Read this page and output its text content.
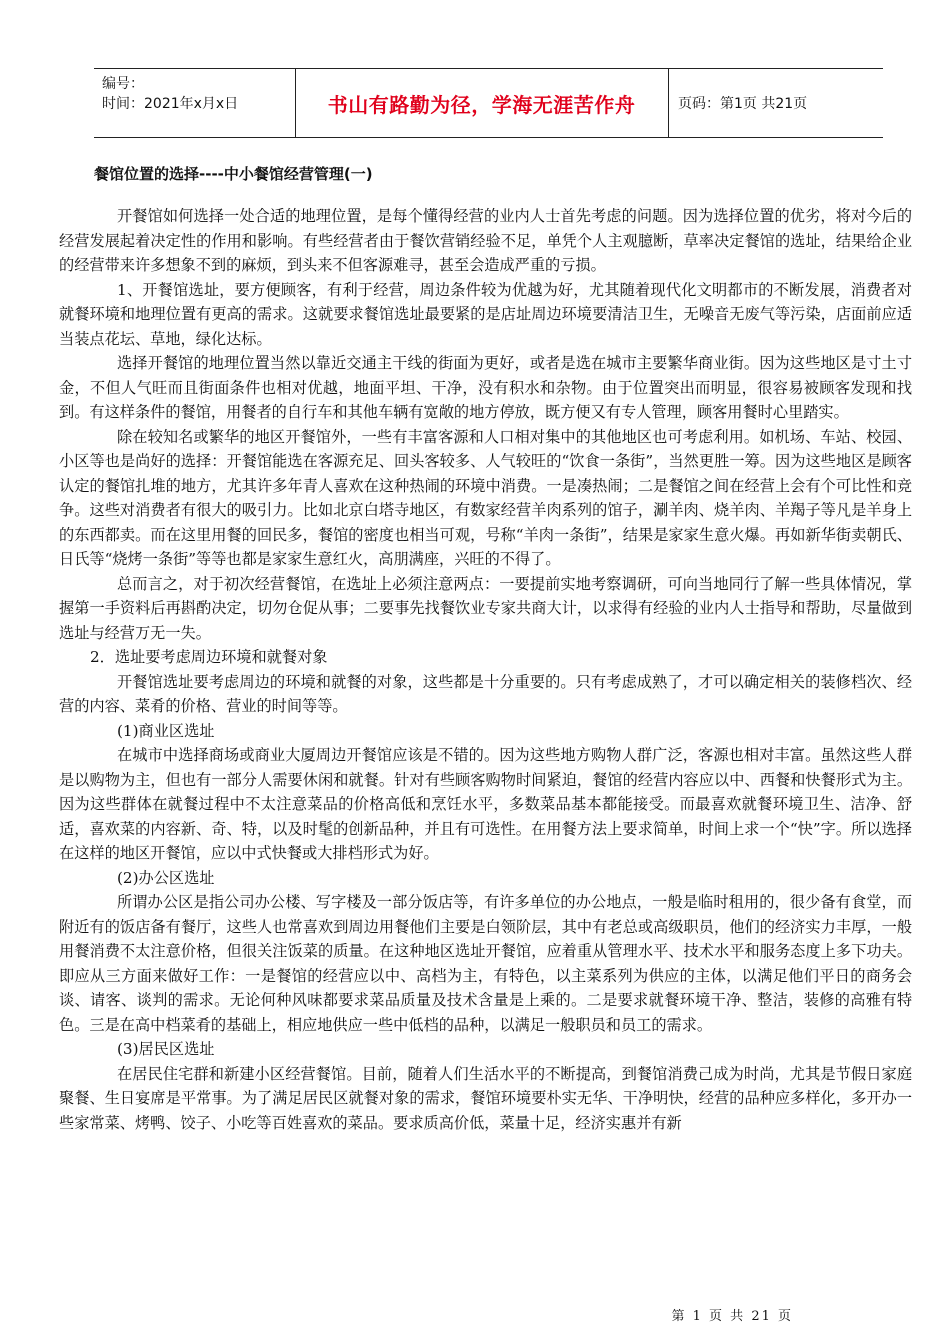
编号：
时间：2021年x月x日	书山有路勤为径，学海无涯苦作舟	页码：第1页 共21页
餐馆位置的选择----中小餐馆经营管理(一)

开餐馆如何选择一处合适的地理位置，是每个懂得经营的业内人士首先考虑的问题。因为选择位置的优劣，将对今后的经营发展起着决定性的作用和影响。有些经营者由于餐饮营销经验不足，单凭个人主观臆断，草率决定餐馆的选址，结果给企业的经营带来许多想象不到的麻烦，到头来不但客源难寻，甚至会造成严重的亏损。

1、开餐馆选址，要方便顾客，有利于经营，周边条件较为优越为好，尤其随着现代化文明都市的不断发展，消费者对就餐环境和地理位置有更高的需求。这就要求餐馆选址最要紧的是店址周边环境要清洁卫生，无噪音无废气等污染，店面前应适当装点花坛、草地，绿化达标。

选择开餐馆的地理位置当然以靠近交通主干线的街面为更好，或者是选在城市主要繁华商业街。因为这些地区是寸土寸金，不但人气旺而且街面条件也相对优越，地面平坦、干净，没有积水和杂物。由于位置突出而明显，很容易被顾客发现和找到。有这样条件的餐馆，用餐者的自行车和其他车辆有宽敞的地方停放，既方便又有专人管理，顾客用餐时心里踏实。

除在较知名或繁华的地区开餐馆外，一些有丰富客源和人口相对集中的其他地区也可考虑利用。如机场、车站、校园、小区等也是尚好的选择：开餐馆能选在客源充足、回头客较多、人气较旺的“饮食一条街”，当然更胜一筹。因为这些地区是顾客认定的餐馆扎堆的地方，尤其许多年青人喜欢在这种热闹的环境中消费。一是凑热闹；二是餐馆之间在经营上会有个可比性和竞争。这些对消费者有很大的吸引力。比如北京白塔寺地区，有数家经营羊肉系列的馆子，涮羊肉、烧羊肉、羊羯子等凡是羊身上的东西都卖。而在这里用餐的回民多，餐馆的密度也相当可观，号称“羊肉一条街”，结果是家家生意火爆。再如新华街卖朝氏、日氏等“烧烤一条街”等等也都是家家生意红火，高朋满座，兴旺的不得了。

总而言之，对于初次经营餐馆，在选址上必须注意两点：一要提前实地考察调研，可向当地同行了解一些具体情况，掌握第一手资料后再斟酌决定，切勿仓促从事；二要事先找餐饮业专家共商大计，以求得有经验的业内人士指导和帮助，尽量做到选址与经营万无一失。

2．选址要考虑周边环境和就餐对象

开餐馆选址要考虑周边的环境和就餐的对象，这些都是十分重要的。只有考虑成熟了，才可以确定相关的装修档次、经营的内容、菜肴的价格、营业的时间等等。

(1)商业区选址

在城市中选择商场或商业大厦周边开餐馆应该是不错的。因为这些地方购物人群广泛，客源也相对丰富。虽然这些人群是以购物为主，但也有一部分人需要休闲和就餐。针对有些顾客购物时间紧迫，餐馆的经营内容应以中、西餐和快餐形式为主。因为这些群体在就餐过程中不太注意菜品的价格高低和烹饪水平，多数菜品基本都能接受。而最喜欢就餐环境卫生、洁净、舒适，喜欢菜的内容新、奇、特，以及时髦的创新品种，并且有可选性。在用餐方法上要求简单，时间上求一个“快”字。所以选择在这样的地区开餐馆，应以中式快餐或大排档形式为好。

(2)办公区选址

所谓办公区是指公司办公楼、写字楼及一部分饭店等，有许多单位的办公地点，一般是临时租用的，很少备有食堂，而附近有的饭店备有餐厅，这些人也常喜欢到周边用餐他们主要是白领阶层，其中有老总或高级职员，他们的经济实力丰厚，一般用餐消费不太注意价格，但很关注饭菜的质量。在这种地区选址开餐馆，应着重从管理水平、技术水平和服务态度上多下功夫。即应从三方面来做好工作：一是餐馆的经营应以中、高档为主，有特色，以主菜系列为供应的主体，以满足他们平日的商务会谈、请客、谈判的需求。无论何种风味都要求菜品质量及技术含量是上乘的。二是要求就餐环境干净、整洁，装修的高雅有特色。三是在高中档菜肴的基础上，相应地供应一些中低档的品种，以满足一般职员和员工的需求。

(3)居民区选址

在居民住宅群和新建小区经营餐馆。目前，随着人们生活水平的不断提高，到餐馆消费己成为时尚，尤其是节假日家庭聚餐、生日宴席是平常事。为了满足居民区就餐对象的需求，餐馆环境要朴实无华、干净明快，经营的品种应多样化，多开办一些家常菜、烤鸭、饺子、小吃等百姓喜欢的菜品。要求质高价低，菜量十足，经济实惠并有新

第 1 页 共 21 页
